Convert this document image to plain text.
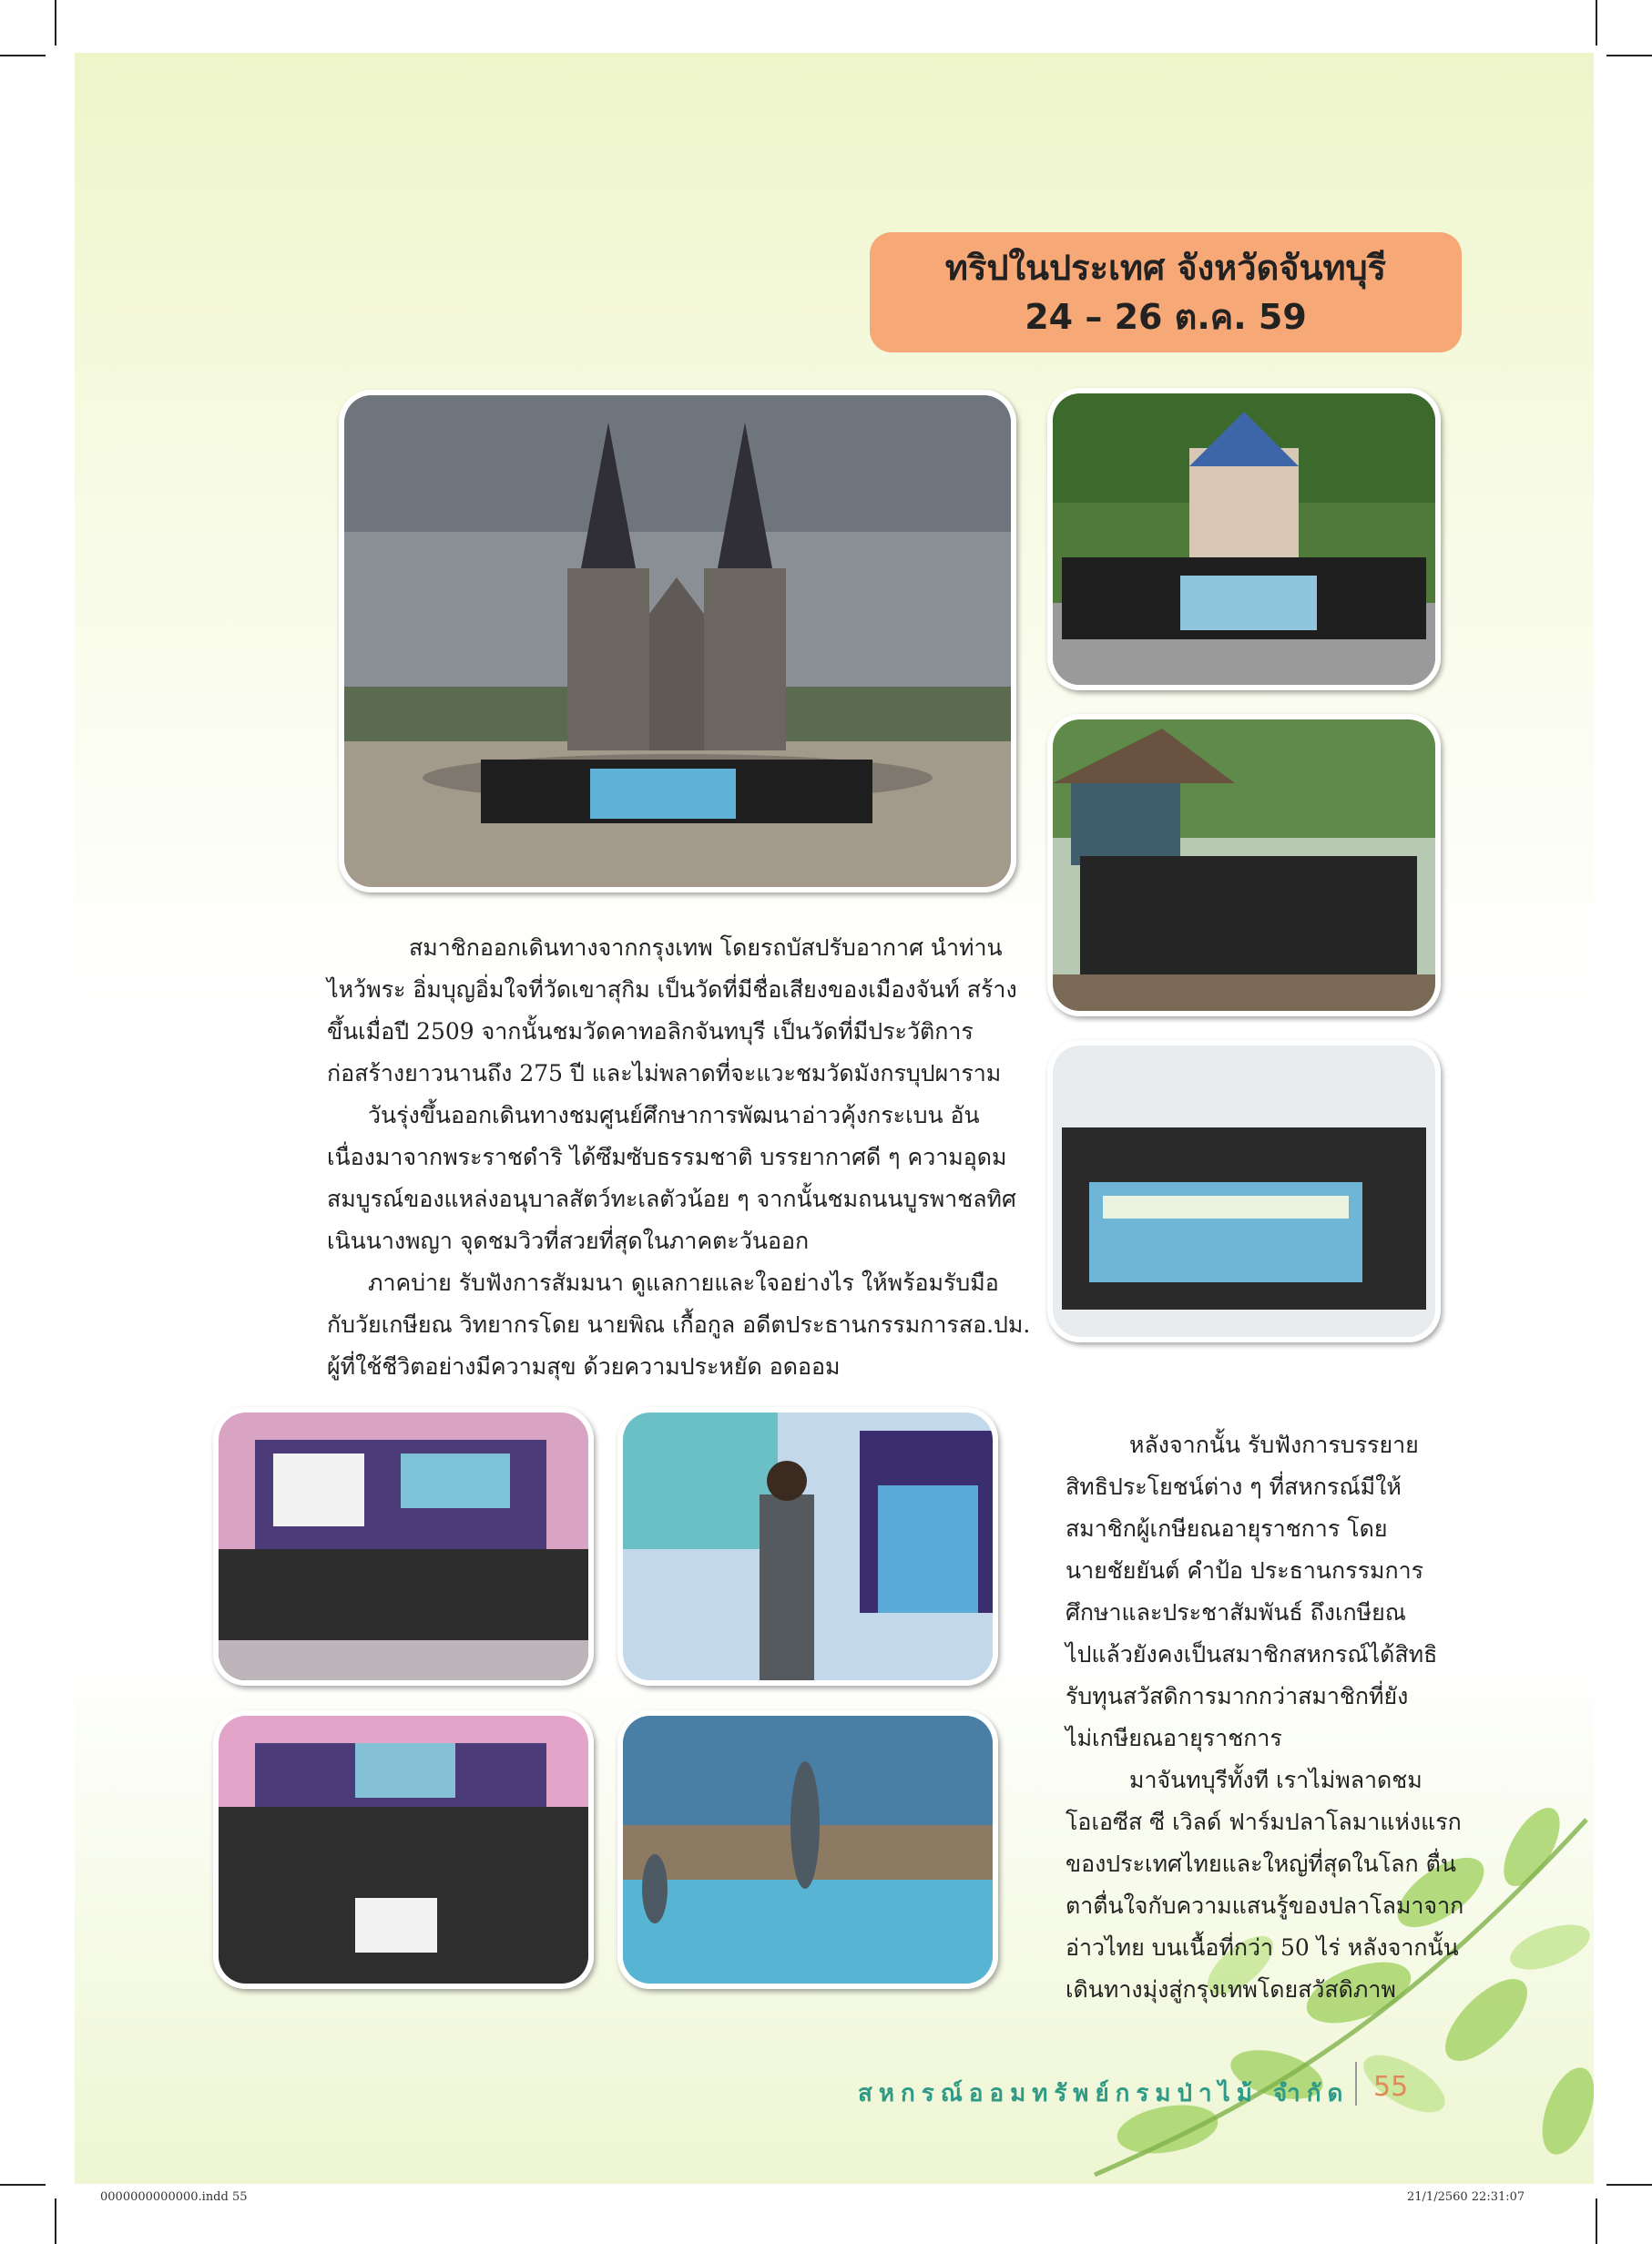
ทริปในประเทศ จังหวัดจันทบุรี
24 – 26 ต.ค. 59

สมาชิกออกเดินทางจากกรุงเทพ โดยรถบัสปรับอากาศ นำท่าน

ไหว้พระ อิ่มบุญอิ่มใจที่วัดเขาสุกิม เป็นวัดที่มีชื่อเสียงของเมืองจันท์ สร้าง

ขึ้นเมื่อปี 2509 จากนั้นชมวัดคาทอลิกจันทบุรี เป็นวัดที่มีประวัติการ

ก่อสร้างยาวนานถึง 275 ปี และไม่พลาดที่จะแวะชมวัดมังกรบุปผาราม

วันรุ่งขึ้นออกเดินทางชมศูนย์ศึกษาการพัฒนาอ่าวคุ้งกระเบน อัน

เนื่องมาจากพระราชดำริ ได้ซึมซับธรรมชาติ บรรยากาศดี ๆ ความอุดม

สมบูรณ์ของแหล่งอนุบาลสัตว์ทะเลตัวน้อย ๆ จากนั้นชมถนนบูรพาชลทิศ

เนินนางพญา จุดชมวิวที่สวยที่สุดในภาคตะวันออก

ภาคบ่าย รับฟังการสัมมนา ดูแลกายและใจอย่างไร ให้พร้อมรับมือ

กับวัยเกษียณ วิทยากรโดย นายพิณ เกื้อกูล อดีตประธานกรรมการสอ.ปม.

ผู้ที่ใช้ชีวิตอย่างมีความสุข ด้วยความประหยัด อดออม

หลังจากนั้น รับฟังการบรรยาย

สิทธิประโยชน์ต่าง ๆ ที่สหกรณ์มีให้

สมาชิกผู้เกษียณอายุราชการ โดย

นายชัยยันต์ คำป้อ ประธานกรรมการ

ศึกษาและประชาสัมพันธ์ ถึงเกษียณ

ไปแล้วยังคงเป็นสมาชิกสหกรณ์ได้สิทธิ

รับทุนสวัสดิการมากกว่าสมาชิกที่ยัง

ไม่เกษียณอายุราชการ

มาจันทบุรีทั้งที เราไม่พลาดชม

โอเอซีส ซี เวิลด์ ฟาร์มปลาโลมาแห่งแรก

ของประเทศไทยและใหญ่ที่สุดในโลก ตื่น

ตาตื่นใจกับความแสนรู้ของปลาโลมาจาก

อ่าวไทย บนเนื้อที่กว่า 50 ไร่ หลังจากนั้น

เดินทางมุ่งสู่กรุงเทพโดยสวัสดิภาพ

สหกรณ์ออมทรัพย์กรมป่าไม้ จำกัด 55
0000000000000.indd 55	21/1/2560 22:31:07
